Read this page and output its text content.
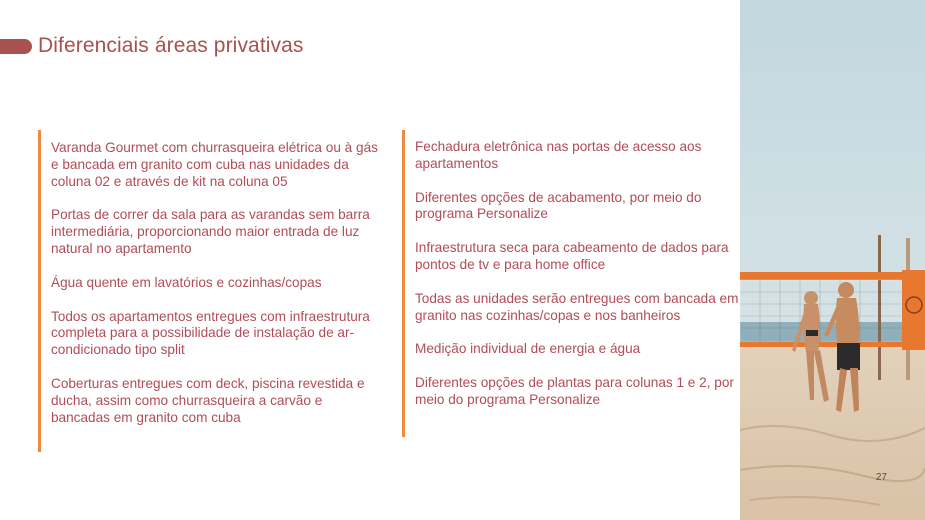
Diferenciais áreas privativas

Varanda Gourmet com churrasqueira elétrica ou à gás e bancada em granito com cuba nas unidades da coluna 02 e através de kit na coluna 05

Portas de correr da sala para as varandas sem barra intermediária, proporcionando maior entrada de luz natural no apartamento

Água quente em lavatórios e cozinhas/copas

Todos os apartamentos entregues com infraestrutura completa para a possibilidade de instalação de ar-condicionado tipo split

Coberturas entregues com deck, piscina revestida e ducha, assim como churrasqueira a carvão e bancadas em granito com cuba

Fechadura eletrônica nas portas de acesso aos apartamentos

Diferentes opções de acabamento, por meio do programa Personalize

Infraestrutura seca para cabeamento de dados para pontos de tv e para home office

Todas as unidades serão entregues com bancada em granito nas cozinhas/copas e nos banheiros

Medição individual de energia e água

Diferentes opções de plantas para colunas 1 e 2, por meio do programa Personalize

27
